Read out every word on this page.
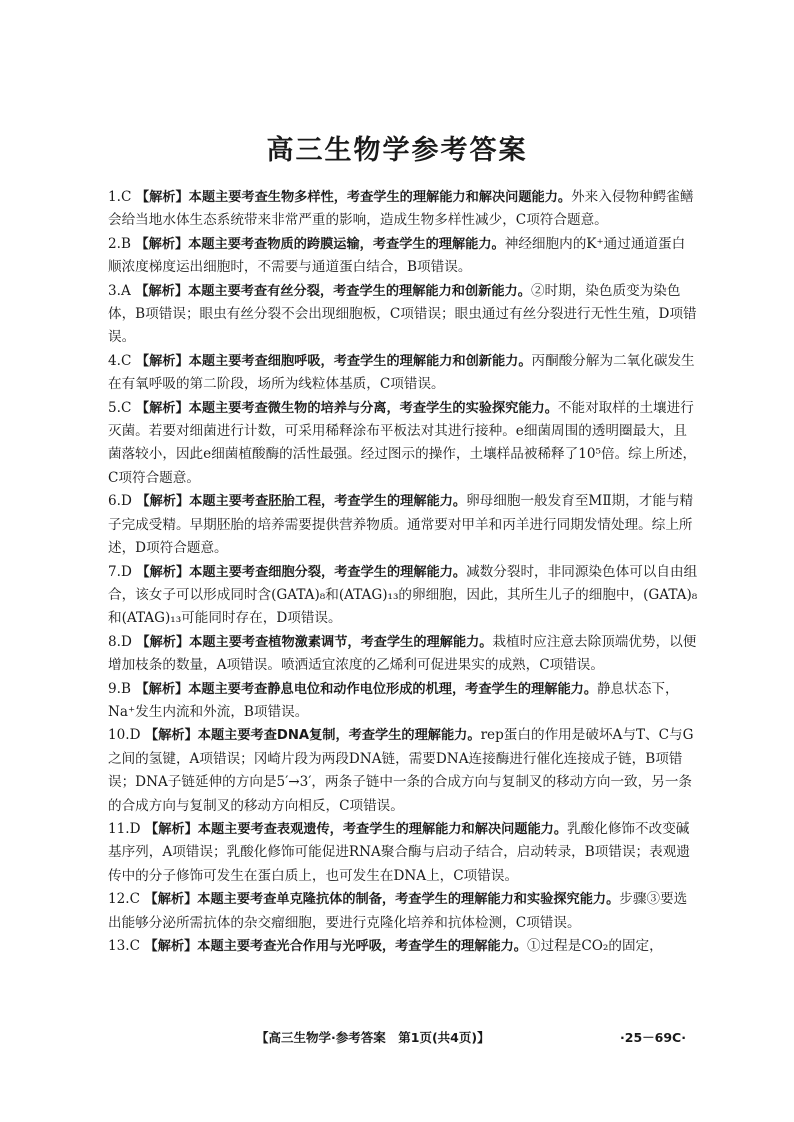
高三生物学参考答案

1.C 【解析】本题主要考查生物多样性，考查学生的理解能力和解决问题能力。外来入侵物种鳄雀鳝会给当地水体生态系统带来非常严重的影响，造成生物多样性减少，C项符合题意。

2.B 【解析】本题主要考查物质的跨膜运输，考查学生的理解能力。神经细胞内的K⁺通过通道蛋白顺浓度梯度运出细胞时，不需要与通道蛋白结合，B项错误。

3.A 【解析】本题主要考查有丝分裂，考查学生的理解能力和创新能力。②时期，染色质变为染色体，B项错误；眼虫有丝分裂不会出现细胞板，C项错误；眼虫通过有丝分裂进行无性生殖，D项错误。

4.C 【解析】本题主要考查细胞呼吸，考查学生的理解能力和创新能力。丙酮酸分解为二氧化碳发生在有氧呼吸的第二阶段，场所为线粒体基质，C项错误。

5.C 【解析】本题主要考查微生物的培养与分离，考查学生的实验探究能力。不能对取样的土壤进行灭菌。若要对细菌进行计数，可采用稀释涂布平板法对其进行接种。e细菌周围的透明圈最大，且菌落较小，因此e细菌植酸酶的活性最强。经过图示的操作，土壤样品被稀释了10⁵倍。综上所述，C项符合题意。

6.D 【解析】本题主要考查胚胎工程，考查学生的理解能力。卵母细胞一般发育至MⅡ期，才能与精子完成受精。早期胚胎的培养需要提供营养物质。通常要对甲羊和丙羊进行同期发情处理。综上所述，D项符合题意。

7.D 【解析】本题主要考查细胞分裂，考查学生的理解能力。减数分裂时，非同源染色体可以自由组合，该女子可以形成同时含(GATA)₈和(ATAG)₁₃的卵细胞，因此，其所生儿子的细胞中，(GATA)₈和(ATAG)₁₃可能同时存在，D项错误。

8.D 【解析】本题主要考查植物激素调节，考查学生的理解能力。栽植时应注意去除顶端优势，以便增加枝条的数量，A项错误。喷洒适宜浓度的乙烯利可促进果实的成熟，C项错误。

9.B 【解析】本题主要考查静息电位和动作电位形成的机理，考查学生的理解能力。静息状态下，Na⁺发生内流和外流，B项错误。

10.D 【解析】本题主要考查DNA复制，考查学生的理解能力。rep蛋白的作用是破坏A与T、C与G之间的氢键，A项错误；冈崎片段为两段DNA链，需要DNA连接酶进行催化连接成子链，B项错误；DNA子链延伸的方向是5′→3′，两条子链中一条的合成方向与复制叉的移动方向一致，另一条的合成方向与复制叉的移动方向相反，C项错误。

11.D 【解析】本题主要考查表观遗传，考查学生的理解能力和解决问题能力。乳酸化修饰不改变碱基序列，A项错误；乳酸化修饰可能促进RNA聚合酶与启动子结合，启动转录，B项错误；表观遗传中的分子修饰可发生在蛋白质上，也可发生在DNA上，C项错误。

12.C 【解析】本题主要考查单克隆抗体的制备，考查学生的理解能力和实验探究能力。步骤③要选出能够分泌所需抗体的杂交瘤细胞，要进行克隆化培养和抗体检测，C项错误。

13.C 【解析】本题主要考查光合作用与光呼吸，考查学生的理解能力。①过程是CO₂的固定，

【高三生物学·参考答案　第1页(共4页)】	·25－69C·
